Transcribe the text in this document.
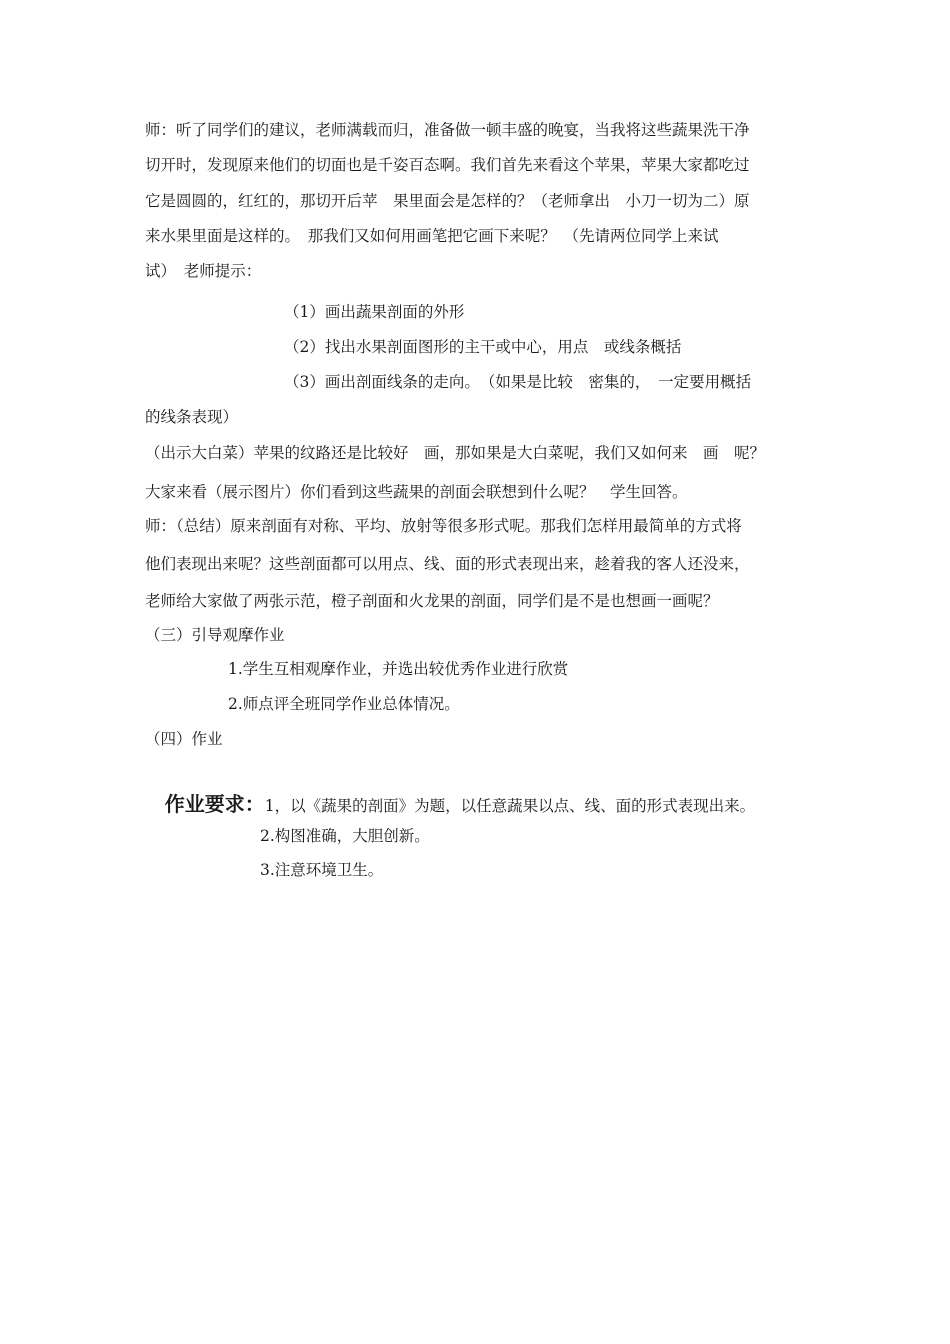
师：听了同学们的建议，老师满载而归，准备做一顿丰盛的晚宴，当我将这些蔬果洗干净
切开时，发现原来他们的切面也是千姿百态啊。我们首先来看这个苹果，苹果大家都吃过
它是圆圆的，红红的，那切开后苹　果里面会是怎样的？（老师拿出　小刀一切为二）原
来水果里面是这样的。　那我们又如何用画笔把它画下来呢？　（先请两位同学上来试
试）　老师提示：
（1）画出蔬果剖面的外形
（2）找出水果剖面图形的主干或中心，用点　或线条概括
（3）画出剖面线条的走向。　（如果是比较　密集的，　一定要用概括
的线条表现）
（出示大白菜）苹果的纹路还是比较好　画，那如果是大白菜呢，我们又如何来　画　呢？
大家来看（展示图片）你们看到这些蔬果的剖面会联想到什么呢？　学生回答。
师：（总结）原来剖面有对称、平均、放射等很多形式呢。那我们怎样用最简单的方式将
他们表现出来呢？这些剖面都可以用点、线、面的形式表现出来，趁着我的客人还没来，
老师给大家做了两张示范，橙子剖面和火龙果的剖面，同学们是不是也想画一画呢？
（三）引导观摩作业
1.学生互相观摩作业，并选出较优秀作业进行欣赏
2.师点评全班同学作业总体情况。
（四）作业

作业要求：1，以《蔬果的剖面》为题，以任意蔬果以点、线、面的形式表现出来。

2.构图准确，大胆创新。
3.注意环境卫生。
